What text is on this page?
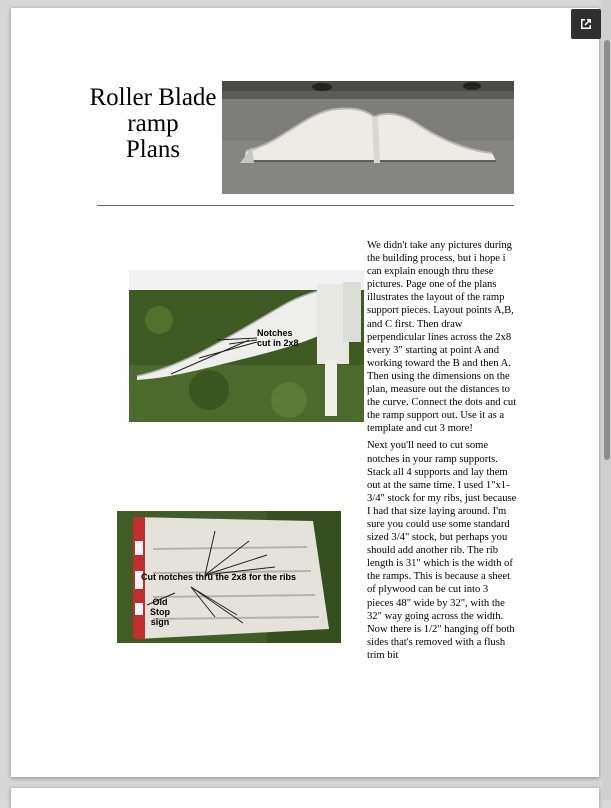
Roller Blade
ramp
Plans
Notches
cut in 2x8
Cut notches thru the 2x8 for the ribs
Old
Stop
sign

We didn't take any pictures during the building process, but i hope i can explain enough thru these pictures. Page one of the plans illustrates the layout of the ramp support pieces. Layout points A,B, and C first. Then draw perpendicular lines across the 2x8 every 3" starting at point A and working toward the B and then A. Then using the dimensions on the plan, measure out the distances to the curve. Connect the dots and cut the ramp support out. Use it as a template and cut 3 more!

Next you'll need to cut some notches in your ramp supports. Stack all 4 supports and lay them out at the same time. I used 1"x1-3/4" stock for my ribs, just because I had that size laying around. I'm sure you could use some standard sized 3/4" stock, but perhaps you should add another rib. The rib length is 31" which is the width of the ramps. This is because a sheet of plywood can be cut into 3 pieces 48" wide by 32", with the 32" way going across the width. Now there is 1/2" hanging off both sides that's removed with a flush trim bit
